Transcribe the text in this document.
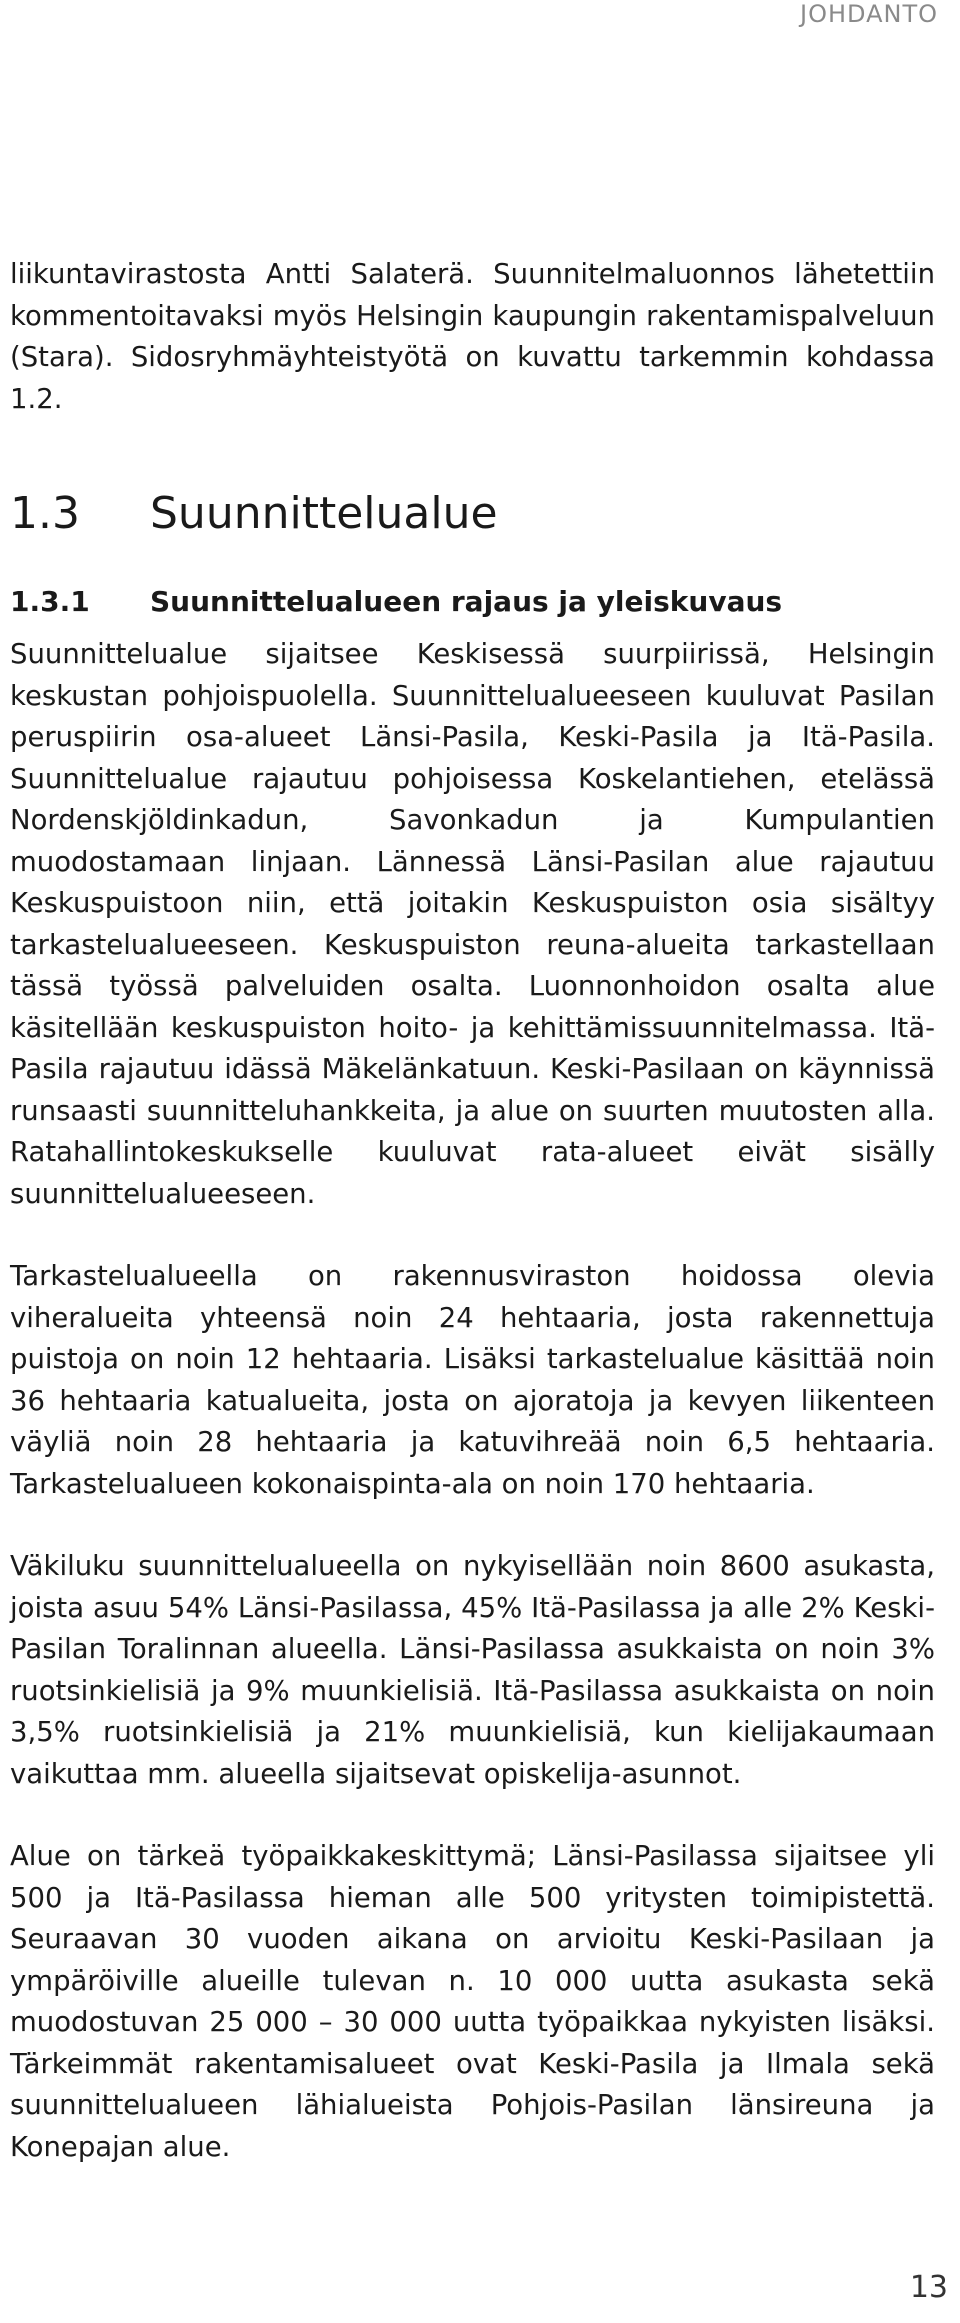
JOHDANTO

liikuntavirastosta Antti Salaterä. Suunnitelmaluonnos lähetettiin kommentoitavaksi myös Helsingin kaupungin rakentamispalveluun (Stara). Sidosryhmäyhteistyötä on kuvattu tarkemmin kohdassa 1.2.

1.3	Suunnittelualue
1.3.1	Suunnittelualueen rajaus ja yleiskuvaus

Suunnittelualue sijaitsee Keskisessä suurpiirissä, Helsingin keskustan pohjoispuolella. Suunnittelualueeseen kuuluvat Pasilan peruspiirin osa-alueet Länsi-Pasila, Keski-Pasila ja Itä-Pasila. Suunnittelualue rajautuu pohjoisessa Koskelantiehen, etelässä Nordenskjöldinkadun, Savonkadun ja Kumpulantien muodostamaan linjaan. Lännessä Länsi-Pasilan alue rajautuu Keskuspuistoon niin, että joitakin Keskuspuiston osia sisältyy tarkastelualueeseen. Keskuspuiston reuna-alueita tarkastellaan tässä työssä palveluiden osalta. Luonnonhoidon osalta alue käsitellään keskuspuiston hoito- ja kehittämissuunnitelmassa. Itä-Pasila rajautuu idässä Mäkelänkatuun. Keski-Pasilaan on käynnissä runsaasti suunnitteluhankkeita, ja alue on suurten muutosten alla. Ratahallintokeskukselle kuuluvat rata-alueet eivät sisälly suunnittelualueeseen.

Tarkastelualueella on rakennusviraston hoidossa olevia viheralueita yhteensä noin 24 hehtaaria, josta rakennettuja puistoja on noin 12 hehtaaria. Lisäksi tarkastelualue käsittää noin 36 hehtaaria katualueita, josta on ajoratoja ja kevyen liikenteen väyliä noin 28 hehtaaria ja katuvihreää noin 6,5 hehtaaria. Tarkastelualueen kokonaispinta-ala on noin 170 hehtaaria.

Väkiluku suunnittelualueella on nykyisellään noin 8600 asukasta, joista asuu 54% Länsi-Pasilassa, 45% Itä-Pasilassa ja alle 2% Keski-Pasilan Toralinnan alueella. Länsi-Pasilassa asukkaista on noin 3% ruotsinkielisiä ja 9% muunkielisiä. Itä-Pasilassa asukkaista on noin 3,5% ruotsinkielisiä ja 21% muunkielisiä, kun kielijakaumaan vaikuttaa mm. alueella sijaitsevat opiskelija-asunnot.

Alue on tärkeä työpaikkakeskittymä; Länsi-Pasilassa sijaitsee yli 500 ja Itä-Pasilassa hieman alle 500 yritysten toimipistettä. Seuraavan 30 vuoden aikana on arvioitu Keski-Pasilaan ja ympäröiville alueille tulevan n. 10 000 uutta asukasta sekä muodostuvan 25 000 – 30 000 uutta työpaikkaa nykyisten lisäksi. Tärkeimmät rakentamisalueet ovat Keski-Pasila ja Ilmala sekä suunnittelualueen lähialueista Pohjois-Pasilan länsireuna ja Konepajan alue.

13
